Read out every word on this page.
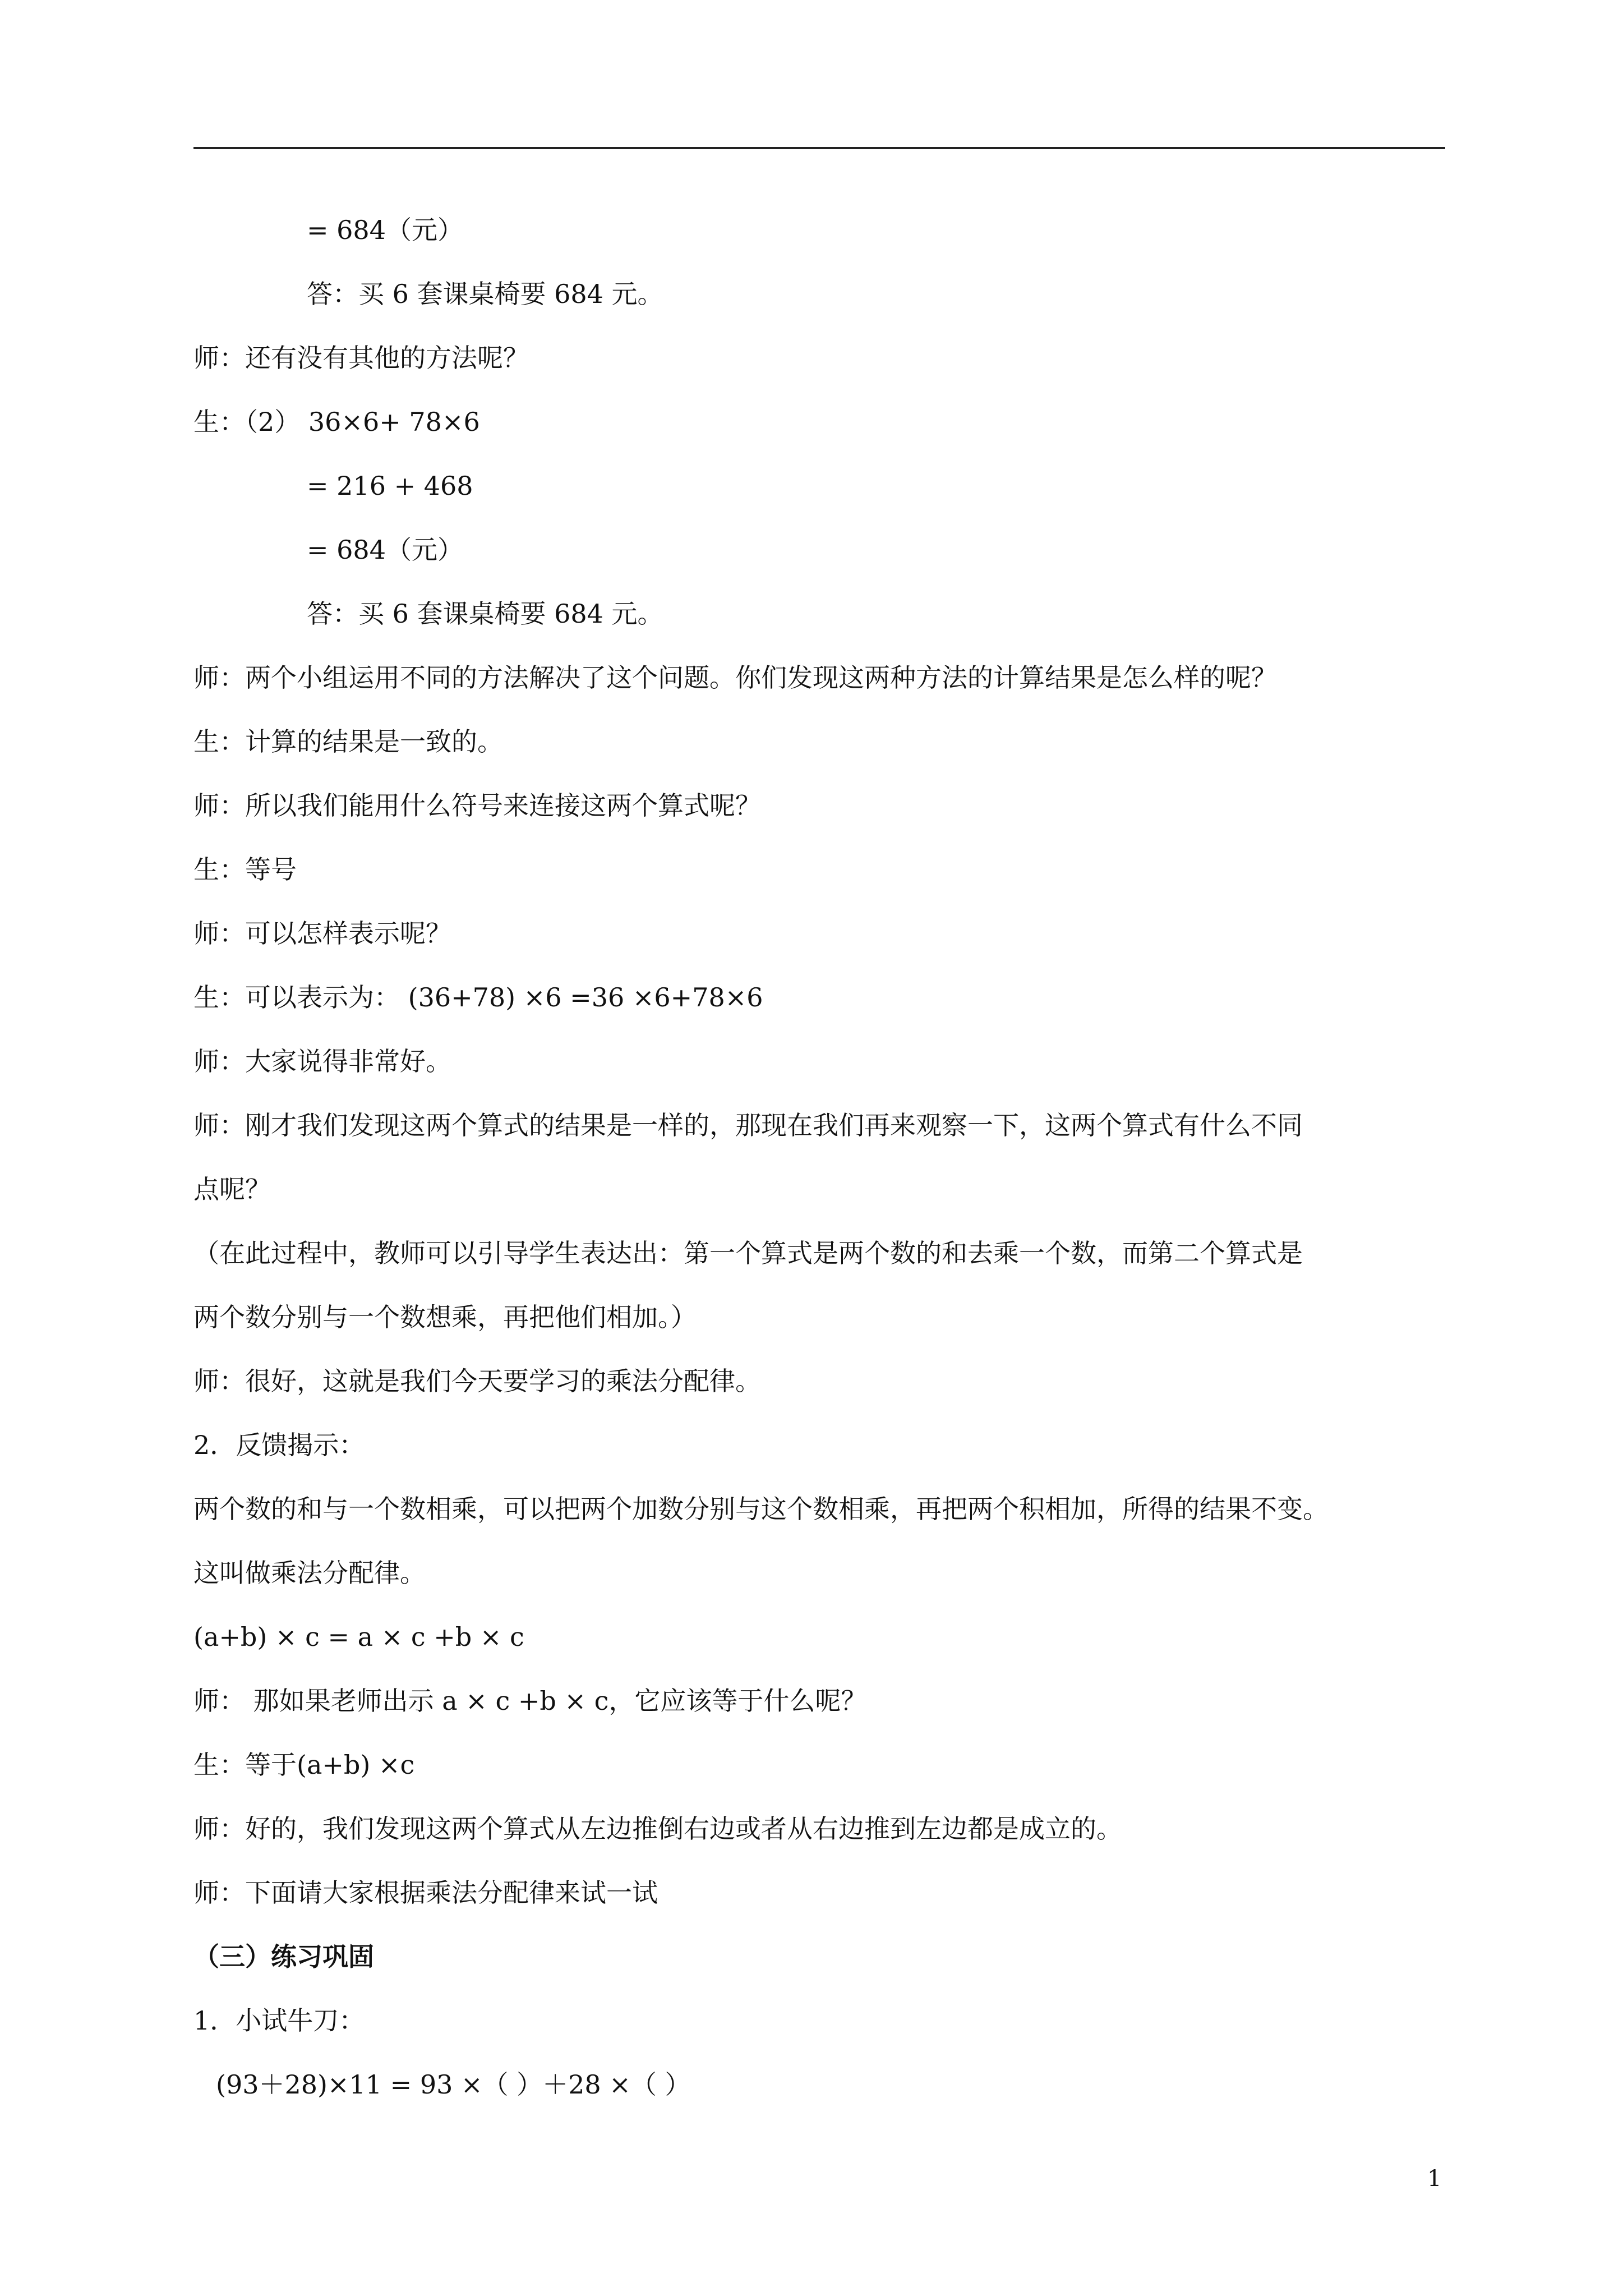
= 684（元）
答：买 6 套课桌椅要 684 元。
师：还有没有其他的方法呢？
生：（2） 36×6+ 78×6
= 216 + 468
= 684（元）
答：买 6 套课桌椅要 684 元。
师：两个小组运用不同的方法解决了这个问题。你们发现这两种方法的计算结果是怎么样的呢？
生：计算的结果是一致的。
师：所以我们能用什么符号来连接这两个算式呢？
生：等号
师：可以怎样表示呢？
生：可以表示为： (36+78) ×6 =36 ×6+78×6
师：大家说得非常好。
师：刚才我们发现这两个算式的结果是一样的，那现在我们再来观察一下，这两个算式有什么不同
点呢？
（在此过程中，教师可以引导学生表达出：第一个算式是两个数的和去乘一个数，而第二个算式是
两个数分别与一个数想乘，再把他们相加。）
师：很好，这就是我们今天要学习的乘法分配律。
2．反馈揭示：
两个数的和与一个数相乘，可以把两个加数分别与这个数相乘，再把两个积相加，所得的结果不变。
这叫做乘法分配律。
(a+b) × c = a × c +b × c
师： 那如果老师出示 a × c +b × c，它应该等于什么呢？
生：等于(a+b) ×c
师：好的，我们发现这两个算式从左边推倒右边或者从右边推到左边都是成立的。
师：下面请大家根据乘法分配律来试一试
（三）练习巩固
1．小试牛刀：
(93＋28)×11 = 93 ×（ ）＋28 ×（ ）
1
